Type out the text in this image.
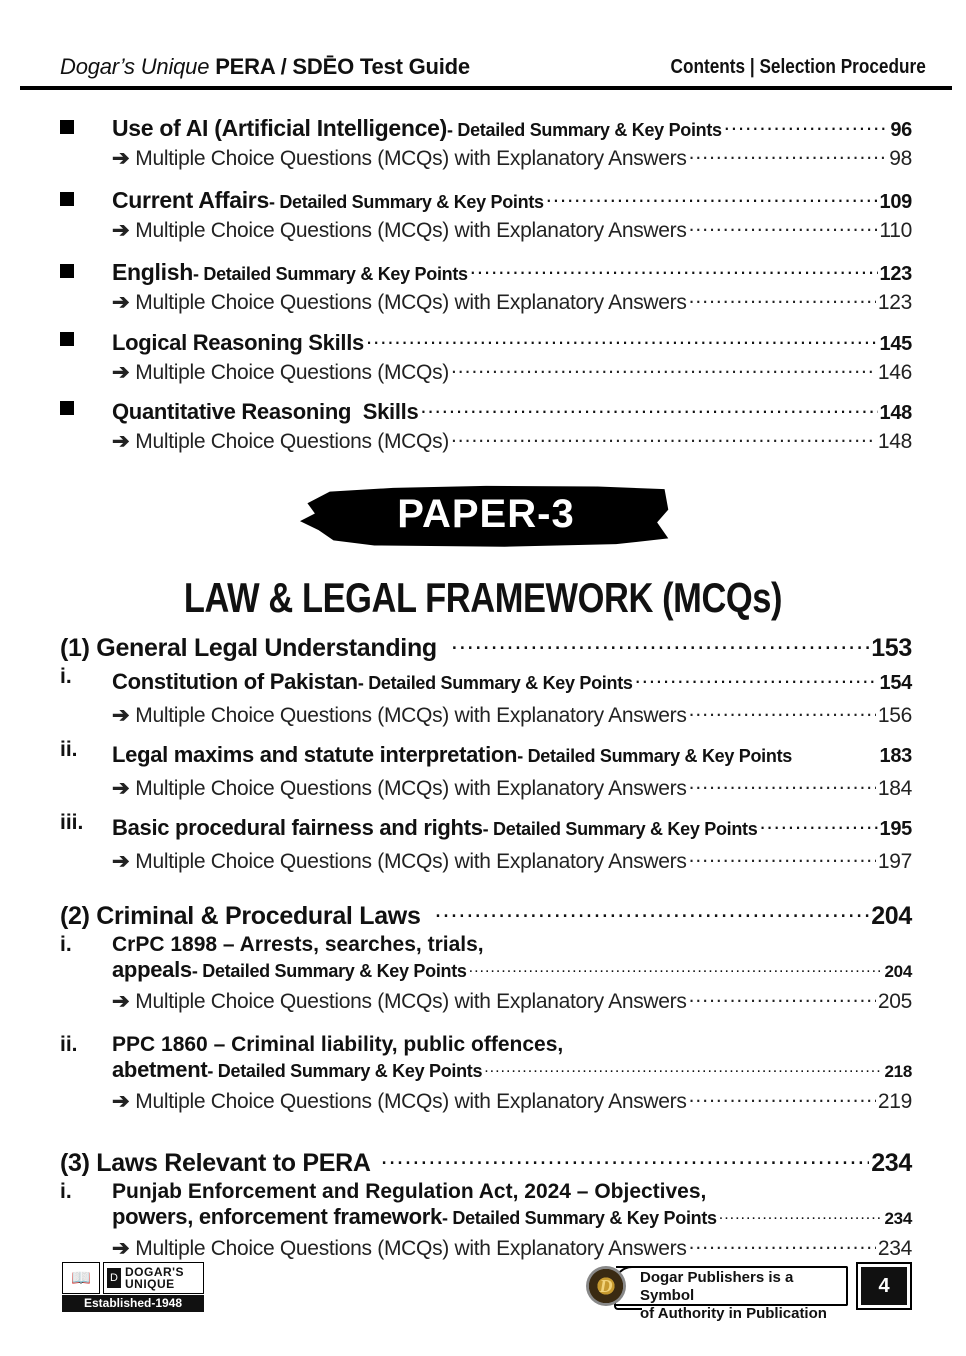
Dogar’s Unique PERA / SDĒO Test Guide	Contents | Selection Procedure
Use of AI (Artificial Intelligence) - Detailed Summary & Key Points .....	96
➔ Multiple Choice Questions (MCQs) with Explanatory Answers .....	98
Current Affairs - Detailed Summary & Key Points .....	109
➔ Multiple Choice Questions (MCQs) with Explanatory Answers .....	110
English - Detailed Summary & Key Points .....	123
➔ Multiple Choice Questions (MCQs) with Explanatory Answers .....	123
Logical Reasoning Skills .....	145
➔ Multiple Choice Questions (MCQs) .....	146
Quantitative Reasoning  Skills .....	148
➔ Multiple Choice Questions (MCQs) .....	148
PAPER-3
LAW & LEGAL FRAMEWORK (MCQs)
(1) General Legal Understanding .....	153
i. Constitution of Pakistan - Detailed Summary & Key Points .....	154
➔ Multiple Choice Questions (MCQs) with Explanatory Answers .....	156
ii. Legal maxims and statute interpretation - Detailed Summary & Key Points .....	183
➔ Multiple Choice Questions (MCQs) with Explanatory Answers .....	184
iii. Basic procedural fairness and rights - Detailed Summary & Key Points .....	195
➔ Multiple Choice Questions (MCQs) with Explanatory Answers .....	197
(2) Criminal & Procedural Laws .....	204
i. CrPC 1898 – Arrests, searches, trials,
appeals - Detailed Summary & Key Points .....	204
➔ Multiple Choice Questions (MCQs) with Explanatory Answers .....	205
ii. PPC 1860 – Criminal liability, public offences,
abetment - Detailed Summary & Key Points .....	218
➔ Multiple Choice Questions (MCQs) with Explanatory Answers .....	219
(3) Laws Relevant to PERA .....	234
i. Punjab Enforcement and Regulation Act, 2024 – Objectives,
powers, enforcement framework - Detailed Summary & Key Points .....	234
➔ Multiple Choice Questions (MCQs) with Explanatory Answers .....	234
📖	D DOGAR'S
UNIQUE
Established-1948
Dogar Publishers is a Symbol
of Authority in Publication
D	4
